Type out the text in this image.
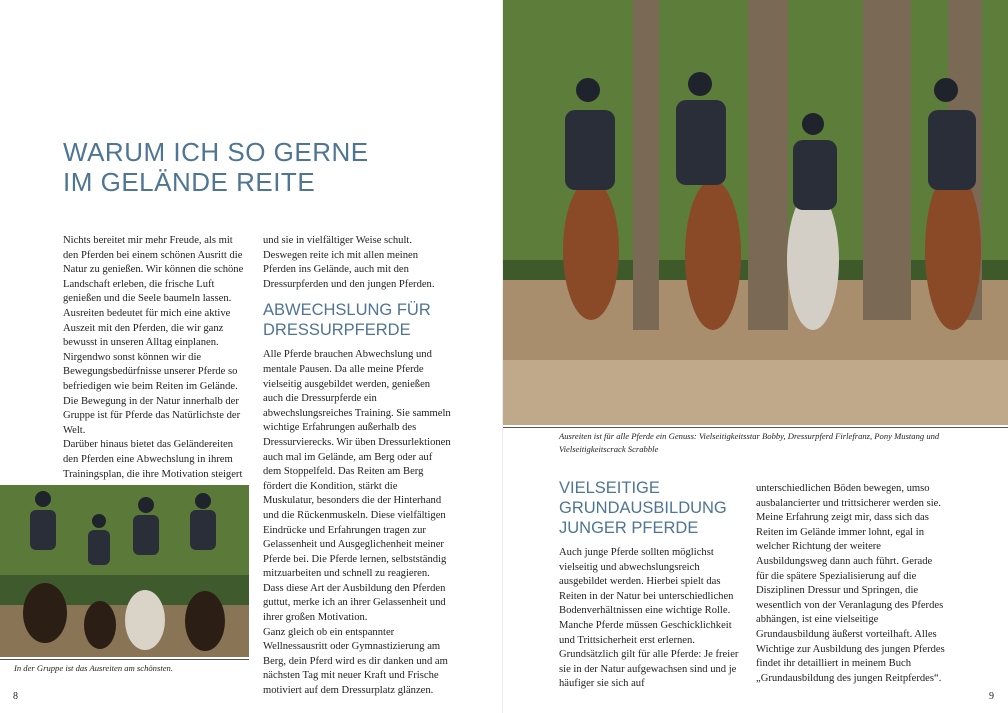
WARUM ICH SO GERNE
IM GELÄNDE REITE

Nichts bereitet mir mehr Freude, als mit den Pferden bei einem schönen Ausritt die Natur zu genießen. Wir können die schöne Landschaft erleben, die frische Luft genießen und die Seele baumeln lassen. Ausreiten bedeutet für mich eine aktive Auszeit mit den Pferden, die wir ganz bewusst in unseren Alltag einplanen. Nirgendwo sonst können wir die Bewegungsbedürfnisse unserer Pferde so befriedigen wie beim Reiten im Gelände. Die Bewegung in der Natur innerhalb der Gruppe ist für Pferde das Natürlichste der Welt.

Darüber hinaus bietet das Geländereiten den Pferden eine Abwechslung in ihrem Trainingsplan, die ihre Motivation steigert

und sie in vielfältiger Weise schult. Deswegen reite ich mit allen meinen Pferden ins Gelände, auch mit den Dressurpferden und den jungen Pferden.

ABWECHSLUNG FÜR DRESSURPFERDE

Alle Pferde brauchen Abwechslung und mentale Pausen. Da alle meine Pferde vielseitig ausgebildet werden, genießen auch die Dressurpferde ein abwechslungsreiches Training. Sie sammeln wichtige Erfahrungen außerhalb des Dressurvierecks. Wir üben Dressurlektionen auch mal im Gelände, am Berg oder auf dem Stoppelfeld. Das Reiten am Berg fördert die Kondition, stärkt die Muskulatur, besonders die der Hinterhand und die Rückenmuskeln. Diese vielfältigen Eindrücke und Erfahrungen tragen zur Gelassenheit und Ausgeglichenheit meiner Pferde bei. Die Pferde lernen, selbstständig mitzuarbeiten und schnell zu reagieren. Dass diese Art der Ausbildung den Pferden guttut, merke ich an ihrer Gelassenheit und ihrer großen Motivation.

Ganz gleich ob ein entspannter Wellnessausritt oder Gymnastizierung am Berg, dein Pferd wird es dir danken und am nächsten Tag mit neuer Kraft und Frische motiviert auf dem Dressurplatz glänzen.

In der Gruppe ist das Ausreiten am schönsten.
8
Ausreiten ist für alle Pferde ein Genuss: Vielseitigkeitsstar Bobby, Dressurpferd Firlefranz, Pony Mustang und Vielseitigkeitscrack Scrabble
VIELSEITIGE GRUNDAUSBILDUNG JUNGER PFERDE

Auch junge Pferde sollten möglichst vielseitig und abwechslungsreich ausgebildet werden. Hierbei spielt das Reiten in der Natur bei unterschiedlichen Bodenverhältnissen eine wichtige Rolle. Manche Pferde müssen Geschicklichkeit und Trittsicherheit erst erlernen. Grundsätzlich gilt für alle Pferde: Je freier sie in der Natur aufgewachsen sind und je häufiger sie sich auf

unterschiedlichen Böden bewegen, umso ausbalancierter und trittsicherer werden sie. Meine Erfahrung zeigt mir, dass sich das Reiten im Gelände immer lohnt, egal in welcher Richtung der weitere Ausbildungsweg dann auch führt. Gerade für die spätere Spezialisierung auf die Disziplinen Dressur und Springen, die wesentlich von der Veranlagung des Pferdes abhängen, ist eine vielseitige Grundausbildung äußerst vorteilhaft. Alles Wichtige zur Ausbildung des jungen Pferdes findet ihr detailliert in meinem Buch „Grundausbildung des jungen Reitpferdes“.

9
